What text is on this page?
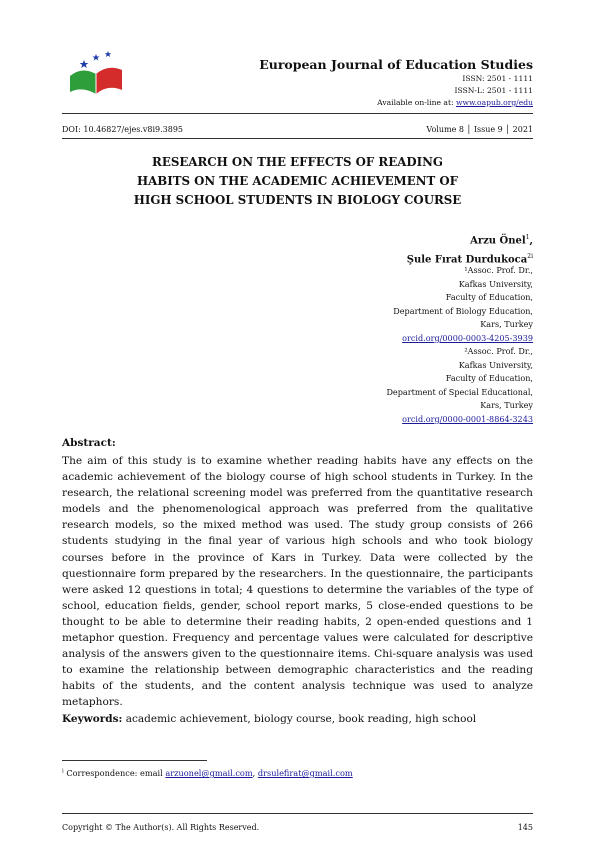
European Journal of Education Studies
ISSN: 2501 - 1111
ISSN-L: 2501 - 1111
Available on-line at: www.oapub.org/edu
DOI: 10.46827/ejes.v8i9.3895	Volume 8 │ Issue 9 │ 2021
RESEARCH ON THE EFFECTS OF READING
HABITS ON THE ACADEMIC ACHIEVEMENT OF
HIGH SCHOOL STUDENTS IN BIOLOGY COURSE
Arzu Önel$^1$,
Şule Fırat Durdukoca$^{2i}$
¹Assoc. Prof. Dr.,
Kafkas University,
Faculty of Education,
Department of Biology Education,
Kars, Turkey
orcid.org/0000-0003-4205-3939
²Assoc. Prof. Dr.,
Kafkas University,
Faculty of Education,
Department of Special Educational,
Kars, Turkey
orcid.org/0000-0001-8864-3243
Abstract:
The aim of this study is to examine whether reading habits have any effects on the academic achievement of the biology course of high school students in Turkey. In the research, the relational screening model was preferred from the quantitative research models and the phenomenological approach was preferred from the qualitative research models, so the mixed method was used. The study group consists of 266 students studying in the final year of various high schools and who took biology courses before in the province of Kars in Turkey. Data were collected by the questionnaire form prepared by the researchers. In the questionnaire, the participants were asked 12 questions in total; 4 questions to determine the variables of the type of school, education fields, gender, school report marks, 5 close-ended questions to be thought to be able to determine their reading habits, 2 open-ended questions and 1 metaphor question. Frequency and percentage values were calculated for descriptive analysis of the answers given to the questionnaire items. Chi-square analysis was used to examine the relationship between demographic characteristics and the reading habits of the students, and the content analysis technique was used to analyze metaphors.
Keywords: academic achievement, biology course, book reading, high school
$^i$ Correspondence: email arzuonel@gmail.com, drsulefirat@gmail.com
Copyright © The Author(s). All Rights Reserved.	145
